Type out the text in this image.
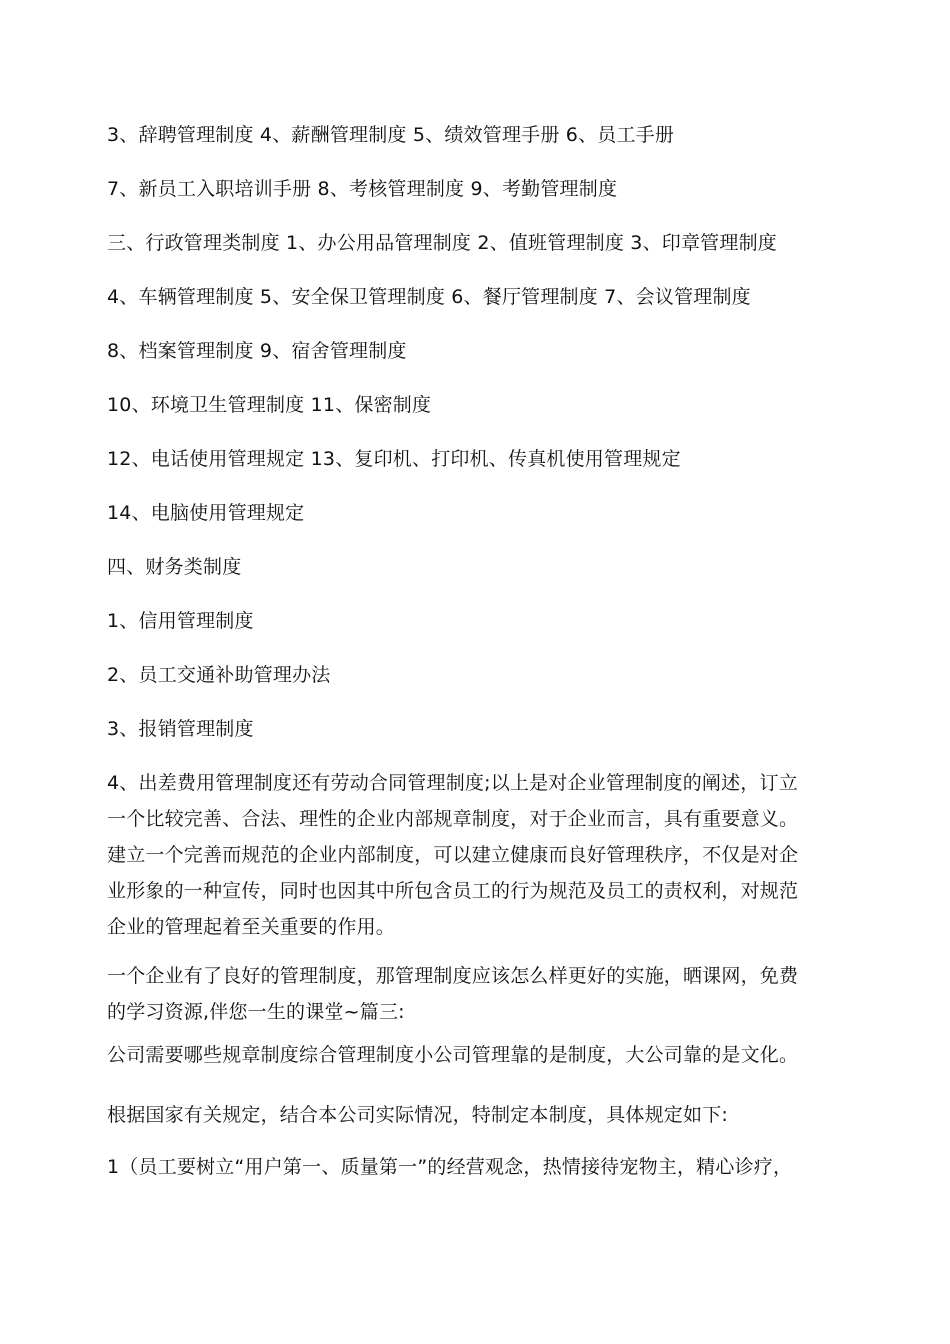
3、辞聘管理制度 4、薪酬管理制度 5、绩效管理手册 6、员工手册
7、新员工入职培训手册 8、考核管理制度 9、考勤管理制度
三、行政管理类制度 1、办公用品管理制度 2、值班管理制度 3、印章管理制度
4、车辆管理制度 5、安全保卫管理制度 6、餐厅管理制度 7、会议管理制度
8、档案管理制度 9、宿舍管理制度
10、环境卫生管理制度 11、保密制度
12、电话使用管理规定 13、复印机、打印机、传真机使用管理规定
14、电脑使用管理规定
四、财务类制度
1、信用管理制度
2、员工交通补助管理办法
3、报销管理制度
4、出差费用管理制度还有劳动合同管理制度;以上是对企业管理制度的阐述，订立
一个比较完善、合法、理性的企业内部规章制度，对于企业而言，具有重要意义。
建立一个完善而规范的企业内部制度，可以建立健康而良好管理秩序，不仅是对企
业形象的一种宣传，同时也因其中所包含员工的行为规范及员工的责权利，对规范
企业的管理起着至关重要的作用。
一个企业有了良好的管理制度，那管理制度应该怎么样更好的实施，晒课网，免费
的学习资源,伴您一生的课堂~篇三:
公司需要哪些规章制度综合管理制度小公司管理靠的是制度，大公司靠的是文化。
根据国家有关规定，结合本公司实际情况，特制定本制度，具体规定如下:
1（员工要树立“用户第一、质量第一”的经营观念，热情接待宠物主，精心诊疗，
